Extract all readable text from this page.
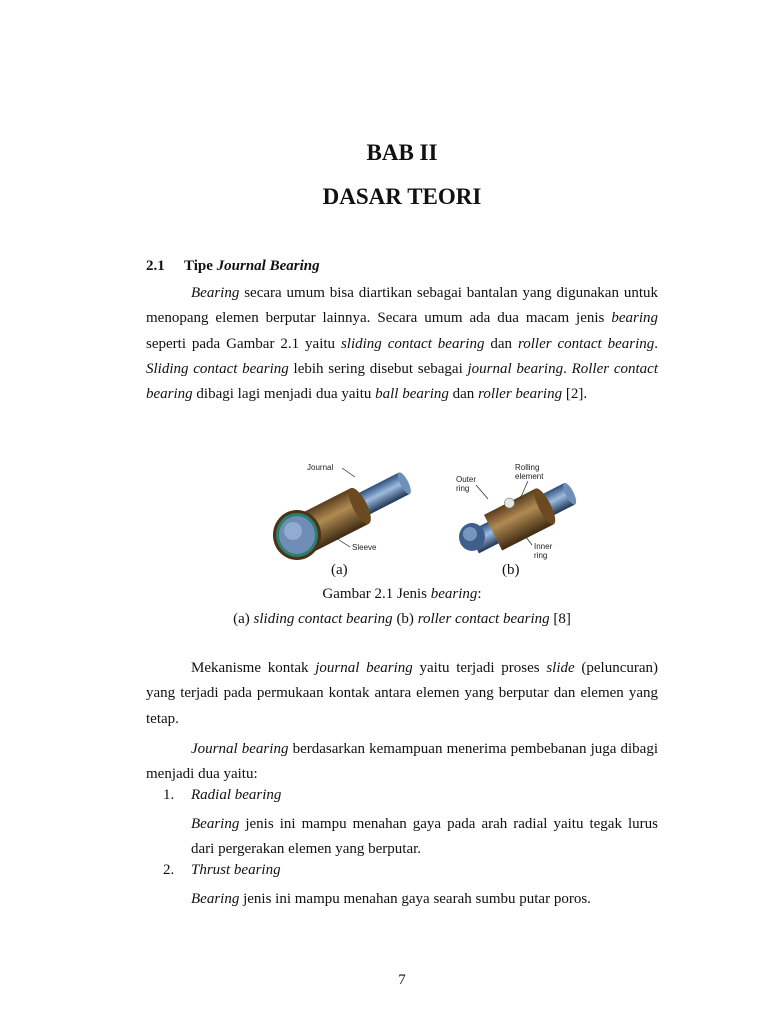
BAB II
DASAR TEORI
2.1 Tipe Journal Bearing
Bearing secara umum bisa diartikan sebagai bantalan yang digunakan untuk menopang elemen berputar lainnya. Secara umum ada dua macam jenis bearing seperti pada Gambar 2.1 yaitu sliding contact bearing dan roller contact bearing. Sliding contact bearing lebih sering disebut sebagai journal bearing. Roller contact bearing dibagi lagi menjadi dua yaitu ball bearing dan roller bearing [2].
Journal
Sleeve
Outer
ring
Rolling
element
Inner
ring
(a)	(b)
Gambar 2.1 Jenis bearing:
(a) sliding contact bearing (b) roller contact bearing [8]
Mekanisme kontak journal bearing yaitu terjadi proses slide (peluncuran) yang terjadi pada permukaan kontak antara elemen yang berputar dan elemen yang tetap.
Journal bearing berdasarkan kemampuan menerima pembebanan juga dibagi menjadi dua yaitu:
1. Radial bearing
Bearing jenis ini mampu menahan gaya pada arah radial yaitu tegak lurus dari pergerakan elemen yang berputar.
2. Thrust bearing
Bearing jenis ini mampu menahan gaya searah sumbu putar poros.
7
